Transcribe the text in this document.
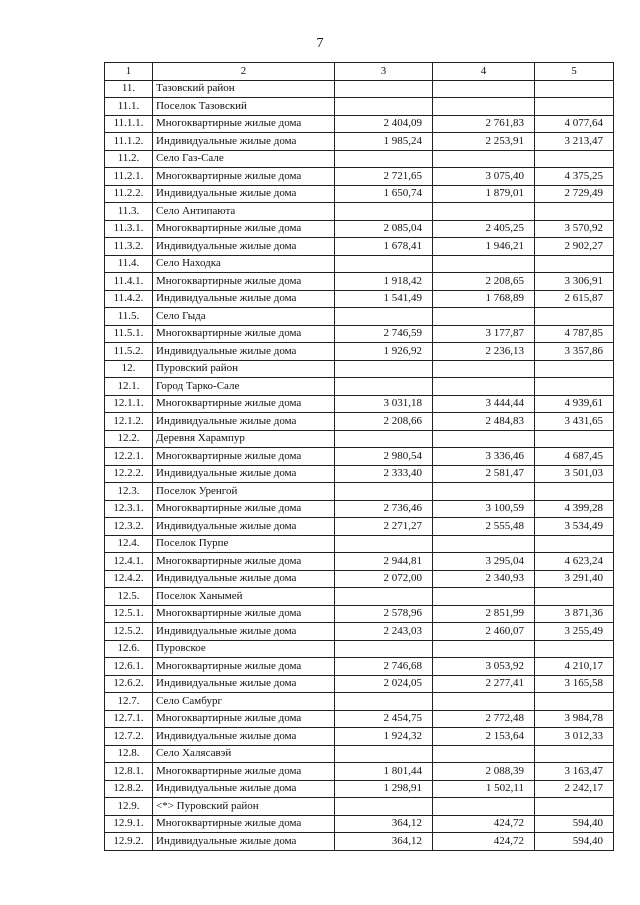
7
1	2	3	4	5
11.	Тазовский район			
11.1.	Поселок Тазовский			
11.1.1.	Многоквартирные жилые дома	2 404,09	2 761,83	4 077,64
11.1.2.	Индивидуальные жилые дома	1 985,24	2 253,91	3 213,47
11.2.	Село Газ-Сале			
11.2.1.	Многоквартирные жилые дома	2 721,65	3 075,40	4 375,25
11.2.2.	Индивидуальные жилые дома	1 650,74	1 879,01	2 729,49
11.3.	Село Антипаюта			
11.3.1.	Многоквартирные жилые дома	2 085,04	2 405,25	3 570,92
11.3.2.	Индивидуальные жилые дома	1 678,41	1 946,21	2 902,27
11.4.	Село Находка			
11.4.1.	Многоквартирные жилые дома	1 918,42	2 208,65	3 306,91
11.4.2.	Индивидуальные жилые дома	1 541,49	1 768,89	2 615,87
11.5.	Село Гыда			
11.5.1.	Многоквартирные жилые дома	2 746,59	3 177,87	4 787,85
11.5.2.	Индивидуальные жилые дома	1 926,92	2 236,13	3 357,86
12.	Пуровский район			
12.1.	Город Тарко-Сале			
12.1.1.	Многоквартирные жилые дома	3 031,18	3 444,44	4 939,61
12.1.2.	Индивидуальные жилые дома	2 208,66	2 484,83	3 431,65
12.2.	Деревня Харампур			
12.2.1.	Многоквартирные жилые дома	2 980,54	3 336,46	4 687,45
12.2.2.	Индивидуальные жилые дома	2 333,40	2 581,47	3 501,03
12.3.	Поселок Уренгой			
12.3.1.	Многоквартирные жилые дома	2 736,46	3 100,59	4 399,28
12.3.2.	Индивидуальные жилые дома	2 271,27	2 555,48	3 534,49
12.4.	Поселок Пурпе			
12.4.1.	Многоквартирные жилые дома	2 944,81	3 295,04	4 623,24
12.4.2.	Индивидуальные жилые дома	2 072,00	2 340,93	3 291,40
12.5.	Поселок Ханымей			
12.5.1.	Многоквартирные жилые дома	2 578,96	2 851,99	3 871,36
12.5.2.	Индивидуальные жилые дома	2 243,03	2 460,07	3 255,49
12.6.	Пуровское			
12.6.1.	Многоквартирные жилые дома	2 746,68	3 053,92	4 210,17
12.6.2.	Индивидуальные жилые дома	2 024,05	2 277,41	3 165,58
12.7.	Село Самбург			
12.7.1.	Многоквартирные жилые дома	2 454,75	2 772,48	3 984,78
12.7.2.	Индивидуальные жилые дома	1 924,32	2 153,64	3 012,33
12.8.	Село Халясавэй			
12.8.1.	Многоквартирные жилые дома	1 801,44	2 088,39	3 163,47
12.8.2.	Индивидуальные жилые дома	1 298,91	1 502,11	2 242,17
12.9.	<*> Пуровский район			
12.9.1.	Многоквартирные жилые дома	364,12	424,72	594,40
12.9.2.	Индивидуальные жилые дома	364,12	424,72	594,40
